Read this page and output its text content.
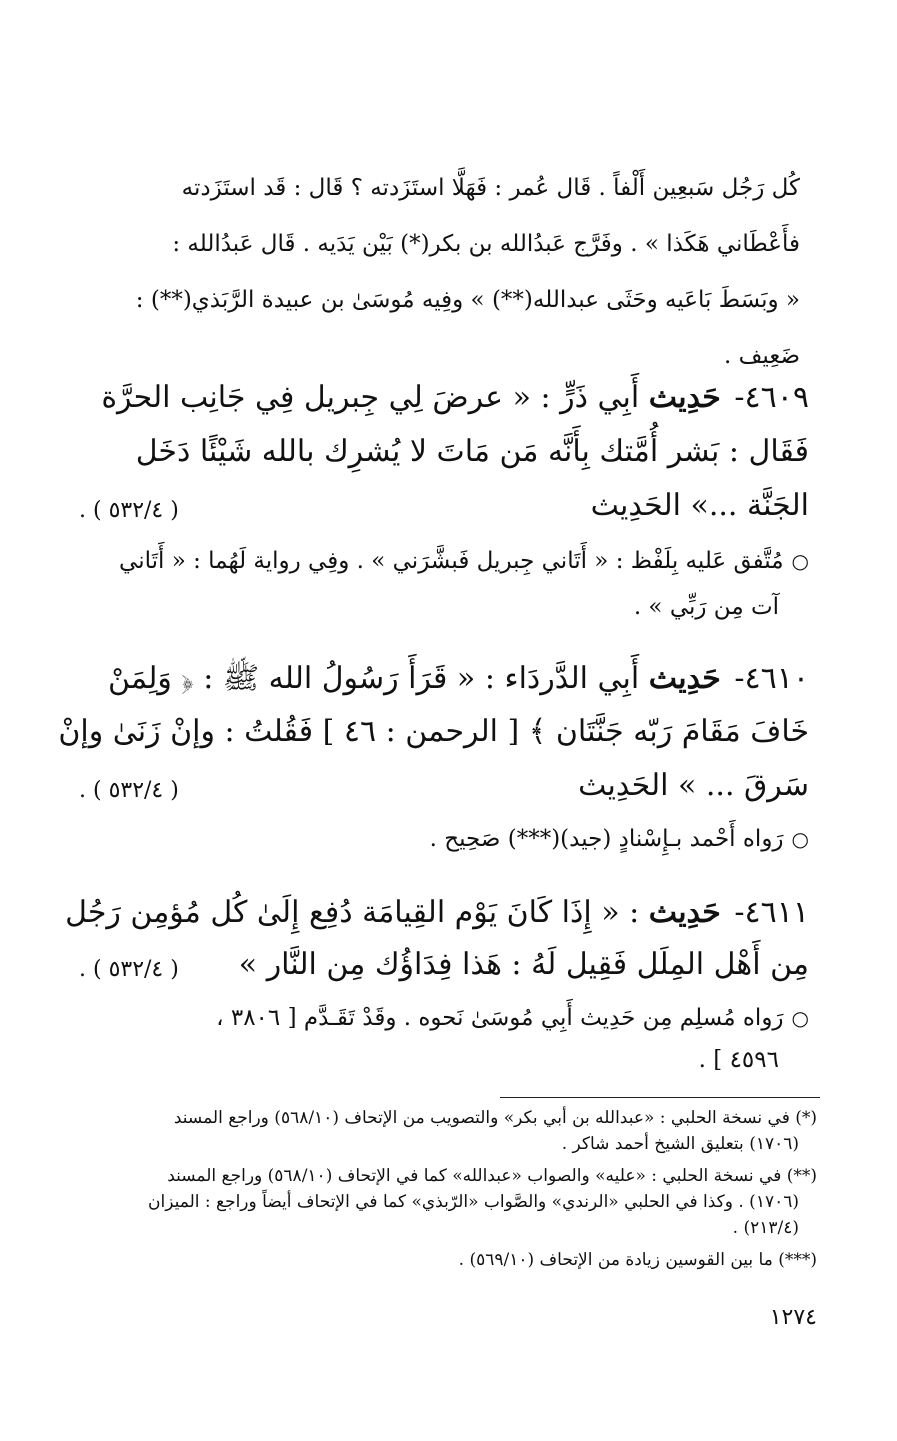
كُل رَجُل سَبعِين أَلْفاً . قَال عُمر : فَهَلَّا استَزَدته ؟ قَال : قَد استَزَدته
فأَعْطَاني هَكَذا » . وفَرَّج عَبدُالله بن بكر(*) بَيْن يَدَيه . قَال عَبدُالله :
« وبَسَطَ بَاعَيه وحَثَى عبدالله(**) » وفِيه مُوسَىٰ بن عبيدة الرَّبَذي(**) :
ضَعِيف .
٤٦٠٩- حَدِيث أَبِي ذَرٍّ : « عرضَ لِي جِبريل فِي جَانِب الحرَّة
فَقَال : بَشر أُمَّتك بِأَنَّه مَن مَاتَ لا يُشرِك بالله شَيْئًا دَخَل
الجَنَّة ...» الحَدِيث
( ٥٣٢/٤ ) .
○مُتَّفق عَليه بِلَفْظ : « أَتَاني جِبريل فَبشَّرَني » . وفِي رواية لَهُما : « أَتَاني
آت مِن رَبِّي » .
٤٦١٠- حَدِيث أَبِي الدَّردَاء : « قَرَأَ رَسُولُ الله ﷺ : ﴿ وَلِمَنْ
خَافَ مَقَامَ رَبّه جَنَّتَان ﴾ [ الرحمن : ٤٦ ] فَقُلتُ : وإنْ زَنَىٰ وإنْ
سَرقَ ... » الحَدِيث
( ٥٣٢/٤ ) .
○رَواه أَحْمد بـإِسْنادٍ (جيد)(***) صَحِيح .
٤٦١١- حَدِيث : « إِذَا كَانَ يَوْم القِيامَة دُفِع إِلَىٰ كُل مُؤمِن رَجُل
مِن أَهْل المِلَل فَقِيل لَهُ : هَذا فِدَاؤُك مِن النَّار »
( ٥٣٢/٤ ) .
○رَواه مُسلِم مِن حَدِيث أَبِي مُوسَىٰ نَحوه . وقَدْ تَقَـدَّم [ ٣٨٠٦ ،
٤٥٩٦ ] .
(*) في نسخة الحلبي : «عبدالله بن أبي بكر» والتصويب من الإتحاف (٥٦٨/١٠) وراجع المسند
(١٧٠٦) بتعليق الشيخ أحمد شاكر .
(**) في نسخة الحلبي : «عليه» والصواب «عبدالله» كما في الإتحاف (٥٦٨/١٠) وراجع المسند
(١٧٠٦) . وكذا في الحلبي «الرندي» والصَّواب «الرّبذي» كما في الإتحاف أيضاً وراجع : الميزان
(٢١٣/٤) .
(***) ما بين القوسين زيادة من الإتحاف (٥٦٩/١٠) .
١٢٧٤
